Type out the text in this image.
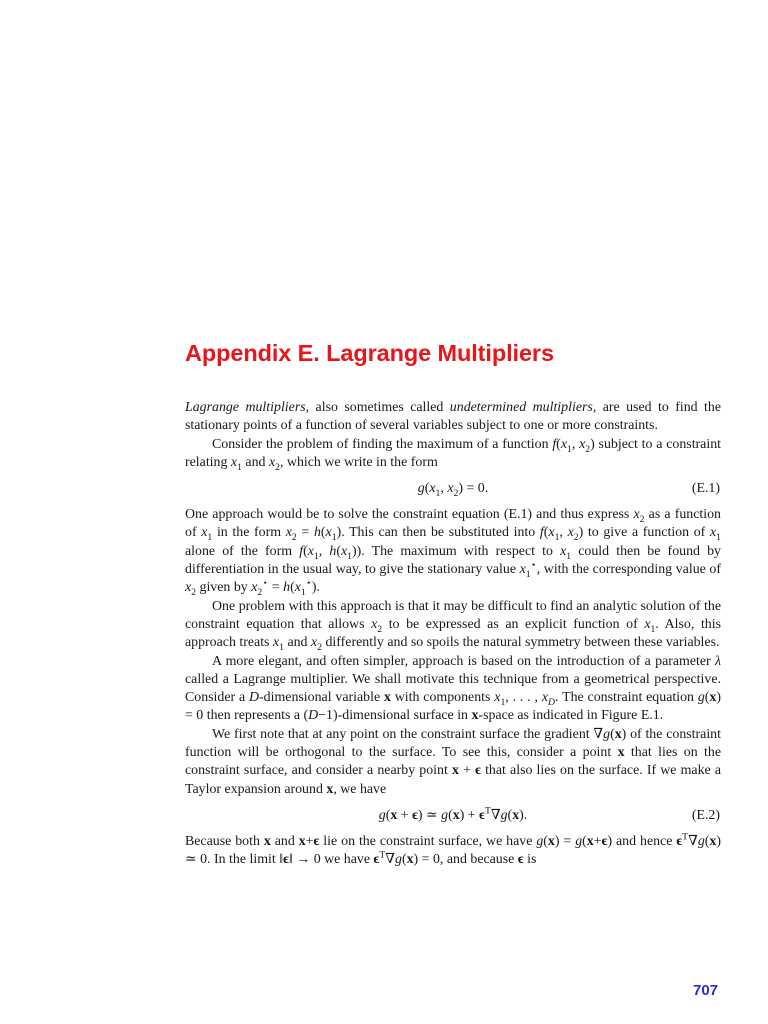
Appendix E. Lagrange Multipliers

Lagrange multipliers, also sometimes called undetermined multipliers, are used to find the stationary points of a function of several variables subject to one or more constraints.

Consider the problem of finding the maximum of a function $f(x_1$, $x_2$) subject to a constraint relating $x_1$ and $x_2$, which we write in the form

$g(x_1$, $x_2) = 0$.	(E.1)

One approach would be to solve the constraint equation (E.1) and thus express $x_2$ as a function of $x_1$ in the form $x_2 = h(x_1)$. This can then be substituted into $f(x_1$, $x_2$) to give a function of $x_1$ alone of the form $f(x_1$, $h(x_1)$). The maximum with respect to $x_1$ could then be found by differentiation in the usual way, to give the stationary value $x_1^⋆$, with the corresponding value of $x_2$ given by $x_2^⋆ = h(x_1^⋆)$.

One problem with this approach is that it may be difficult to find an analytic solution of the constraint equation that allows $x_2$ to be expressed as an explicit function of $x_1$. Also, this approach treats $x_1$ and $x_2$ differently and so spoils the natural symmetry between these variables.

A more elegant, and often simpler, approach is based on the introduction of a parameter λ called a Lagrange multiplier. We shall motivate this technique from a geometrical perspective. Consider a D-dimensional variable x with components $x_1$, . . . , $x_D$. The constraint equation g(x) = 0 then represents a (D−1)-dimensional surface in x-space as indicated in Figure E.1.

We first note that at any point on the constraint surface the gradient ∇g(x) of the constraint function will be orthogonal to the surface. To see this, consider a point x that lies on the constraint surface, and consider a nearby point x + ϵ that also lies on the surface. If we make a Taylor expansion around x, we have

g(x + ϵ) ≃ $g(x) + \epsilon^T\nabla g(x)$.	(E.2)

Because both x and x+ϵ lie on the constraint surface, we have g(x) = g(x+ϵ) and hence $\epsilon^T\nabla g(x)$ ≃ 0. In the limit ‖ϵ‖ → 0 we have $\epsilon^T\nabla g(x) = 0$, and because ϵ is

707
